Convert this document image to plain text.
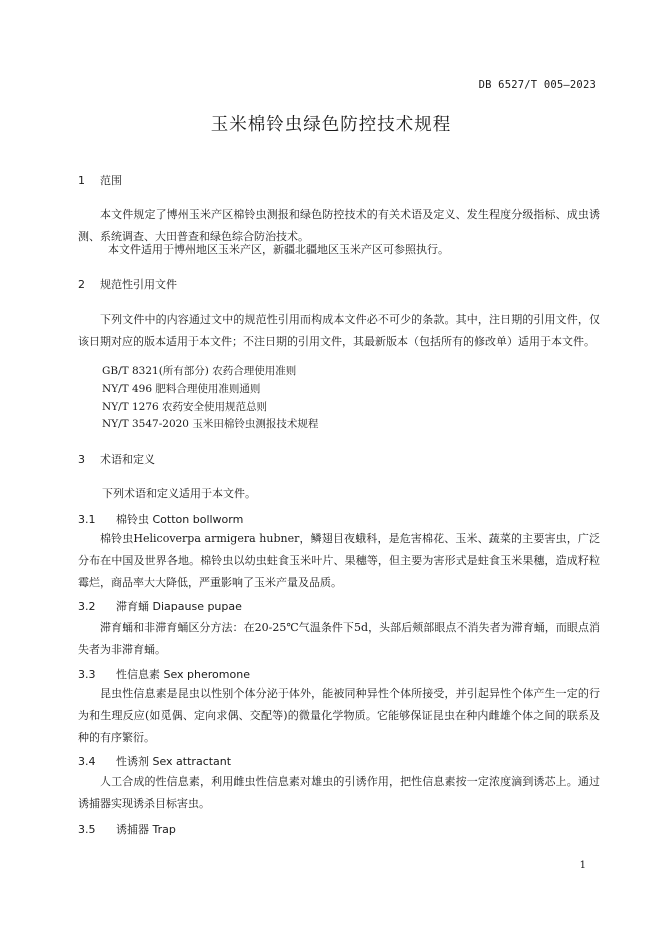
DB 6527/T 005—2023
玉米棉铃虫绿色防控技术规程
1 范围
本文件规定了博州玉米产区棉铃虫测报和绿色防控技术的有关术语及定义、发生程度分级指标、成虫诱测、系统调查、大田普查和绿色综合防治技术。
本文件适用于博州地区玉米产区，新疆北疆地区玉米产区可参照执行。
2 规范性引用文件
下列文件中的内容通过文中的规范性引用而构成本文件必不可少的条款。其中，注日期的引用文件，仅该日期对应的版本适用于本文件；不注日期的引用文件，其最新版本（包括所有的修改单）适用于本文件。
GB/T 8321(所有部分) 农药合理使用准则
NY/T 496 肥料合理使用准则通则
NY/T 1276 农药安全使用规范总则
NY/T 3547-2020 玉米田棉铃虫测报技术规程
3 术语和定义
下列术语和定义适用于本文件。
3.1 棉铃虫 Cotton bollworm
棉铃虫Helicoverpa armigera hubner，鳞翅目夜蛾科，是危害棉花、玉米、蔬菜的主要害虫，广泛分布在中国及世界各地。棉铃虫以幼虫蛀食玉米叶片、果穗等，但主要为害形式是蛀食玉米果穗，造成籽粒霉烂，商品率大大降低，严重影响了玉米产量及品质。
3.2 滞育蛹 Diapause pupae
滞育蛹和非滞育蛹区分方法：在20-25℃气温条件下5d，头部后颊部眼点不消失者为滞育蛹，而眼点消失者为非滞育蛹。
3.3 性信息素 Sex pheromone
昆虫性信息素是昆虫以性别个体分泌于体外，能被同种异性个体所接受，并引起异性个体产生一定的行为和生理反应(如觅偶、定向求偶、交配等)的微量化学物质。它能够保证昆虫在种内雌雄个体之间的联系及种的有序繁衍。
3.4 性诱剂 Sex attractant
人工合成的性信息素，利用雌虫性信息素对雄虫的引诱作用，把性信息素按一定浓度滴到诱芯上。通过诱捕器实现诱杀目标害虫。
3.5 诱捕器 Trap
1
